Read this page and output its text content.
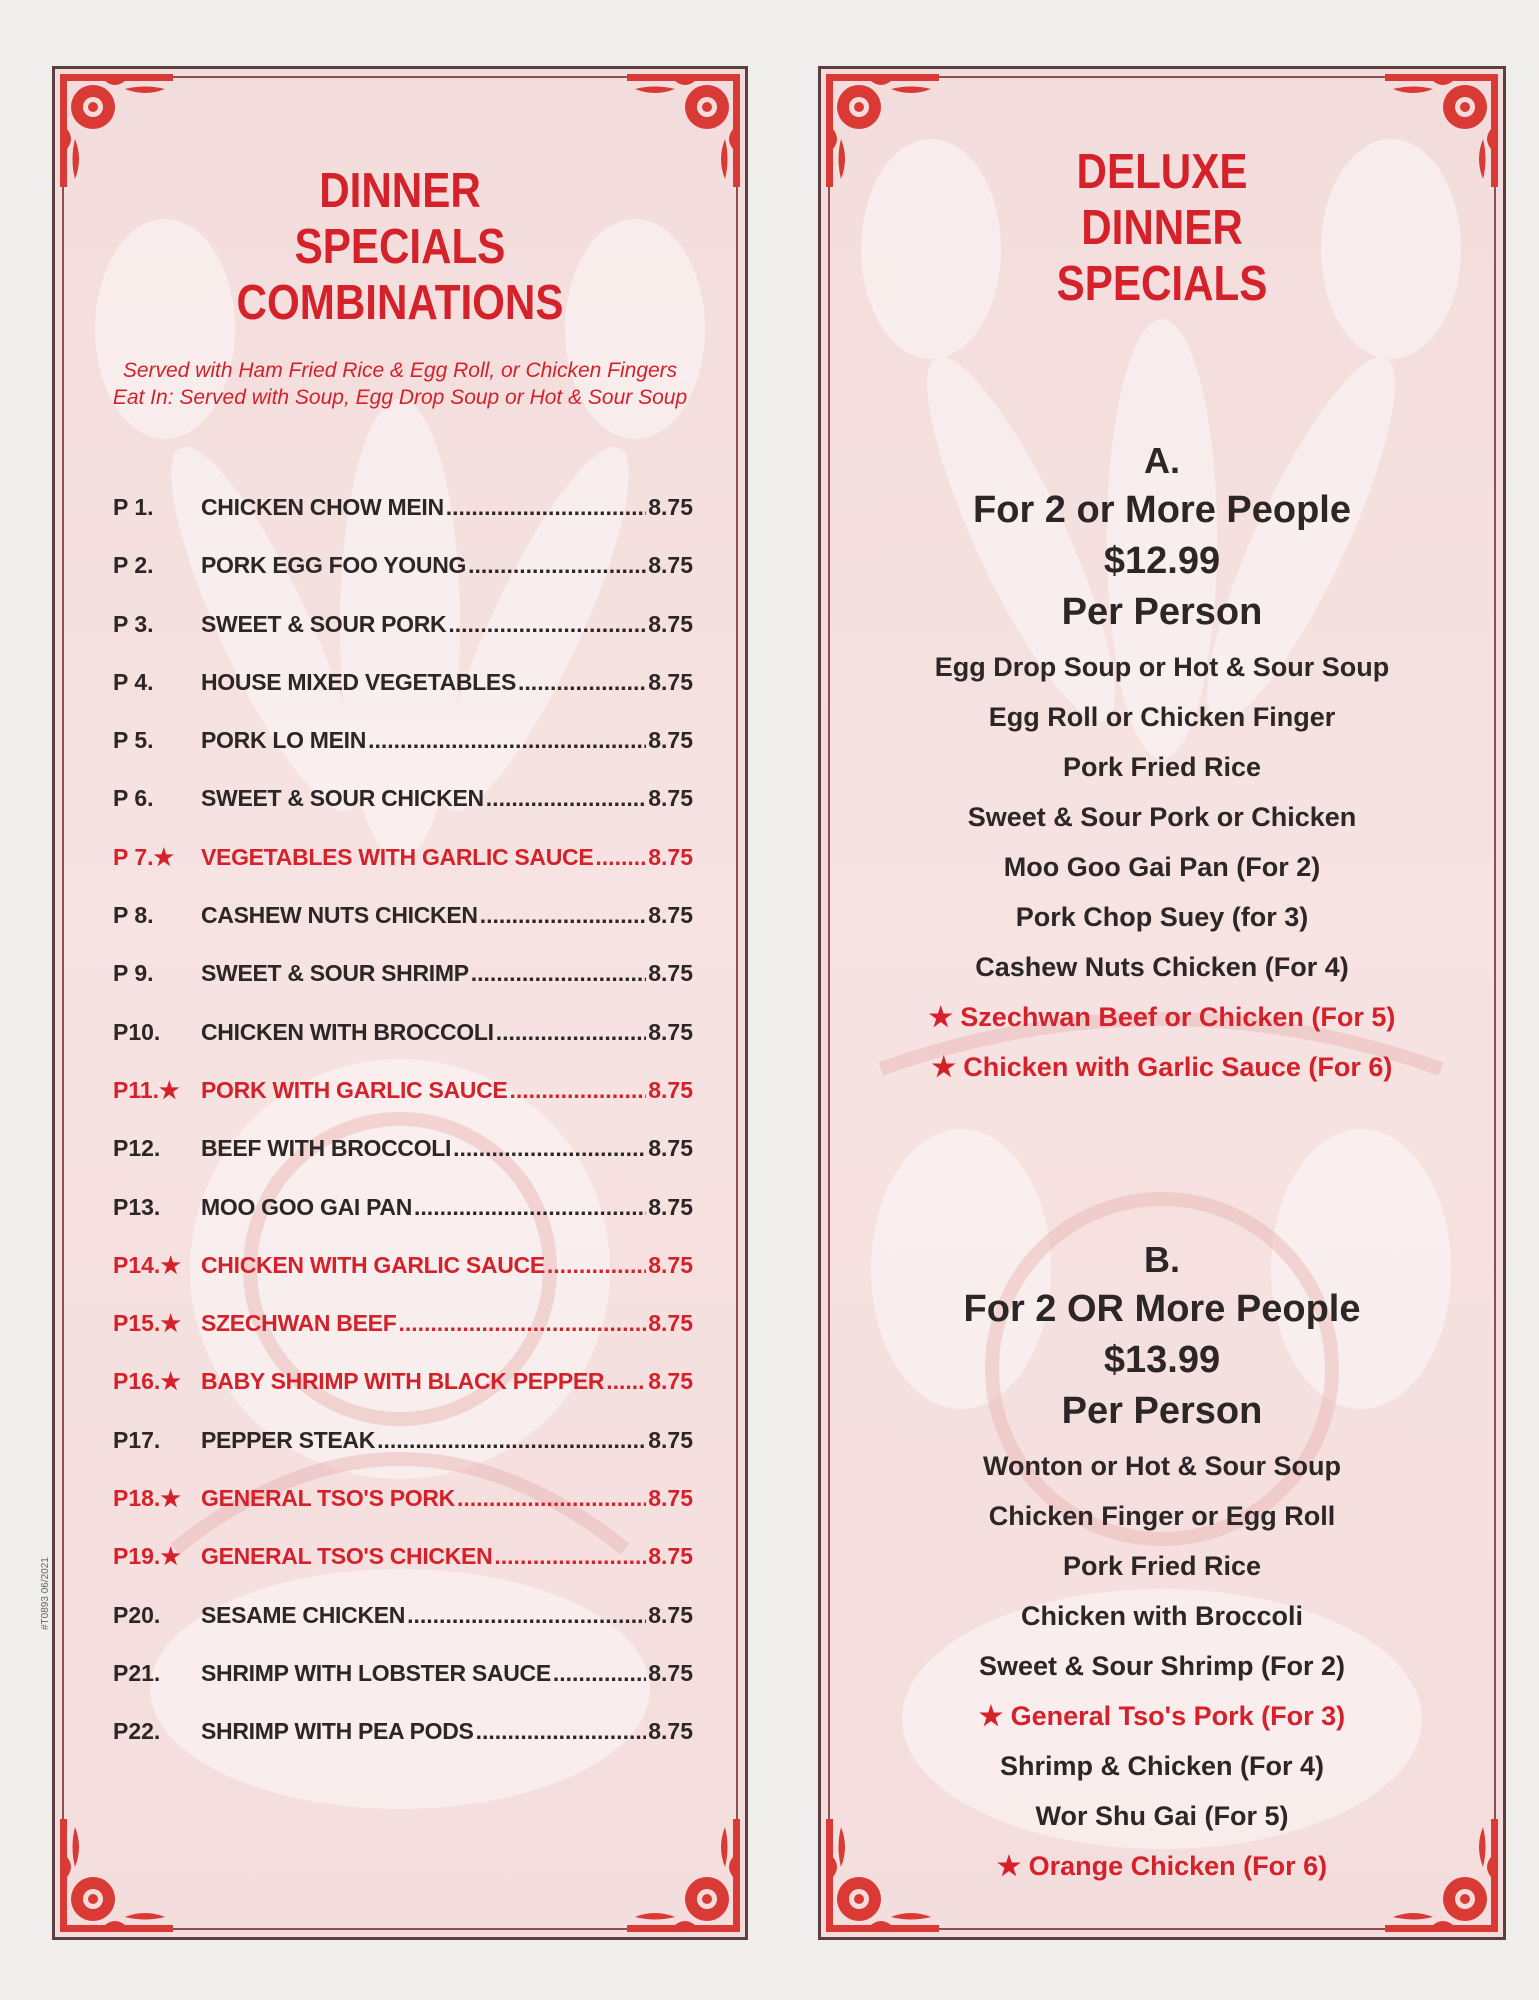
#T0893 06/2021
DINNER
SPECIALS
COMBINATIONS
Served with Ham Fried Rice & Egg Roll, or Chicken Fingers
Eat In: Served with Soup, Egg Drop Soup or Hot & Sour Soup
P 1.	CHICKEN CHOW MEIN .....	8.75
P 2.	PORK EGG FOO YOUNG .....	8.75
P 3.	SWEET & SOUR PORK .....	8.75
P 4.	HOUSE MIXED VEGETABLES .....	8.75
P 5.	PORK LO MEIN .....	8.75
P 6.	SWEET & SOUR CHICKEN .....	8.75
P 7.★	VEGETABLES WITH GARLIC SAUCE ..... 8.75
P 8.	CASHEW NUTS CHICKEN .....	8.75
P 9.	SWEET & SOUR SHRIMP .....	8.75
P10.	CHICKEN WITH BROCCOLI .....	8.75
P11.★ PORK WITH GARLIC SAUCE .....	8.75
P12.	BEEF WITH BROCCOLI .....	8.75
P13.	MOO GOO GAI PAN .....	8.75
P14.★ CHICKEN WITH GARLIC SAUCE .....	8.75
P15.★ SZECHWAN BEEF .....	8.75
P16.★ BABY SHRIMP WITH BLACK PEPPER ..... 8.75
P17.	PEPPER STEAK .....	8.75
P18.★ GENERAL TSO'S PORK .....	8.75
P19.★ GENERAL TSO'S CHICKEN .....	8.75
P20.	SESAME CHICKEN .....	8.75
P21.	SHRIMP WITH LOBSTER SAUCE .....	8.75
P22.	SHRIMP WITH PEA PODS .....	8.75
DELUXE
DINNER
SPECIALS
A.
For 2 or More People
$12.99
Per Person
Egg Drop Soup or Hot & Sour Soup
Egg Roll or Chicken Finger
Pork Fried Rice
Sweet & Sour Pork or Chicken
Moo Goo Gai Pan (For 2)
Pork Chop Suey (for 3)
Cashew Nuts Chicken (For 4)
★ Szechwan Beef or Chicken (For 5)
★ Chicken with Garlic Sauce (For 6)
B.
For 2 OR More People
$13.99
Per Person
Wonton or Hot & Sour Soup
Chicken Finger or Egg Roll
Pork Fried Rice
Chicken with Broccoli
Sweet & Sour Shrimp (For 2)
★ General Tso's Pork (For 3)
Shrimp & Chicken (For 4)
Wor Shu Gai (For 5)
★ Orange Chicken (For 6)
